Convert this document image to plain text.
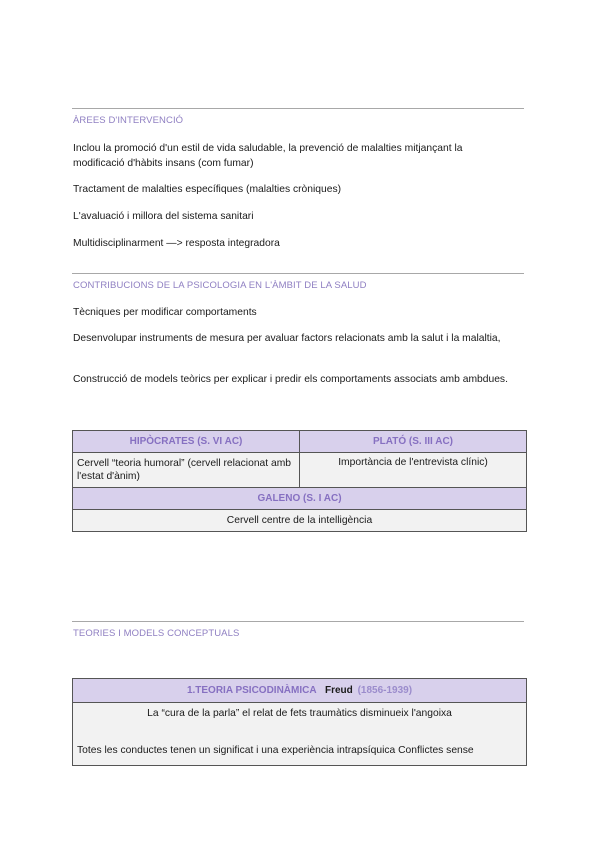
ÀREES D'INTERVENCIÓ
Inclou la promoció d'un estil de vida saludable, la prevenció de malalties mitjançant la modificació d'hàbits insans (com fumar)
Tractament de malalties específiques (malalties cròniques)
L'avaluació i millora del sistema sanitari
Multidisciplinarment —> resposta integradora
CONTRIBUCIONS DE LA PSICOLOGIA EN L'ÀMBIT DE LA SALUD
Tècniques per modificar comportaments
Desenvolupar instruments de mesura per avaluar factors relacionats amb la salut i la malaltia,
Construcció de models teòrics per explicar i predir els comportaments associats amb ambdues.
HIPÒCRATES (S. VI AC)	PLATÓ (S. III AC)
Cervell “teoria humoral” (cervell relacionat amb l'estat d'ànim)	Importància de l'entrevista clínic)
GALENO (S. I AC)	
Cervell centre de la intelligència	
TEORIES I MODELS CONCEPTUALS
1.TEORIA PSICODINÀMICA Freud (1856-1939)

La “cura de la parla” el relat de fets traumàtics disminueix l'angoixa
Totes les conductes tenen un significat i una experiència intrapsíquica Conflictes sense
